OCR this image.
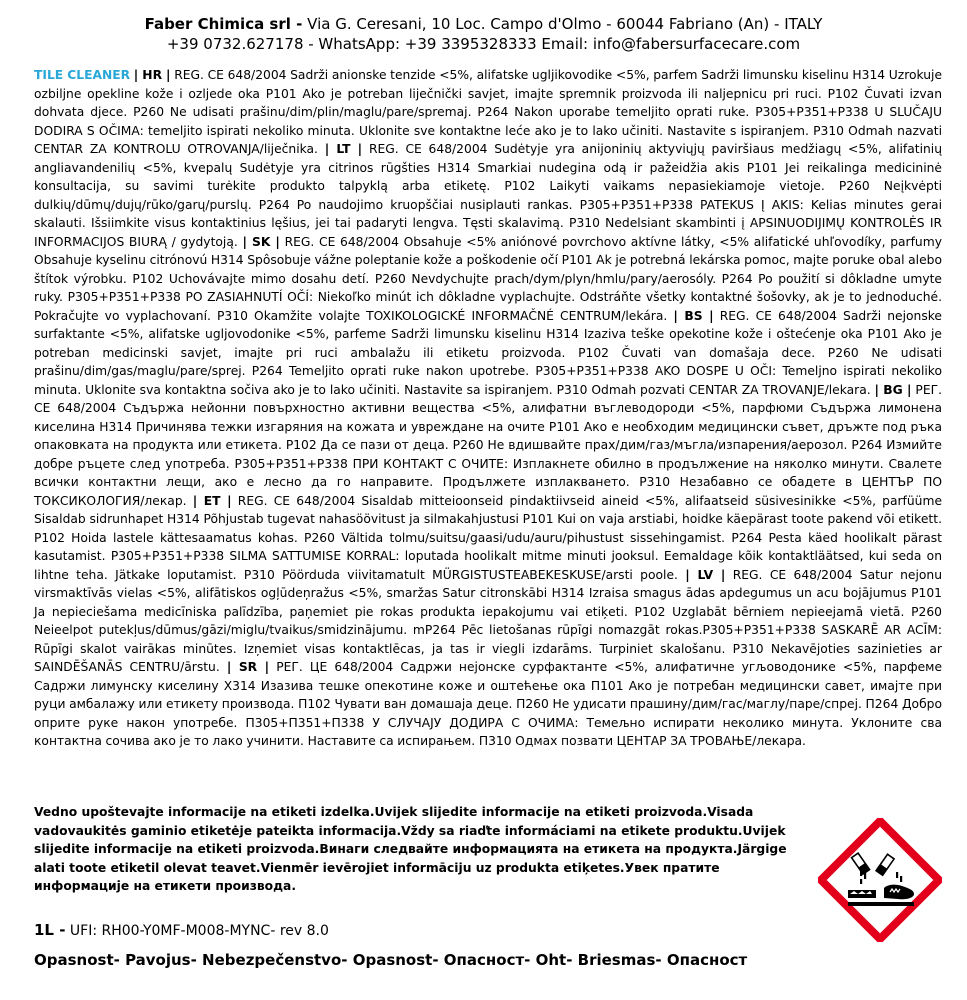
Faber Chimica srl - Via G. Ceresani, 10 Loc. Campo d'Olmo - 60044 Fabriano (An) - ITALY
+39 0732.627178 - WhatsApp: +39 3395328333 Email: info@fabersurfacecare.com
TILE CLEANER | HR | REG. CE 648/2004 Sadrži anionske tenzide <5%, alifatske ugljikovodike <5%, parfem Sadrži limunsku kiselinu H314 Uzrokuje ozbiljne opekline kože i ozljede oka P101 Ako je potreban liječnički savjet, imajte spremnik proizvoda ili naljepnicu pri ruci. P102 Čuvati izvan dohvata djece. P260 Ne udisati prašinu/dim/plin/maglu/pare/spremaj. P264 Nakon uporabe temeljito oprati ruke. P305+P351+P338 U SLUČAJU DODIRA S OČIMA: temeljito ispirati nekoliko minuta. Uklonite sve kontaktne leće ako je to lako učiniti. Nastavite s ispiranjem. P310 Odmah nazvati CENTAR ZA KONTROLU OTROVANJA/liječnika. | LT | REG. CE 648/2004 Sudėtyje yra anijoninių aktyviųjų paviršiaus medžiagų <5%, alifatinių angliavandenilių <5%, kvepalų Sudėtyje yra citrinos rūgšties H314 Smarkiai nudegina odą ir pažeidžia akis P101 Jei reikalinga medicininė konsultacija, su savimi turėkite produkto talpyklą arba etiketę. P102 Laikyti vaikams nepasiekiamoje vietoje. P260 Neįkvėpti dulkių/dūmų/dujų/rūko/garų/purslų. P264 Po naudojimo kruopščiai nusiplauti rankas. P305+P351+P338 PATEKUS Į AKIS: Kelias minutes gerai skalauti. Išsiimkite visus kontaktinius lęšius, jei tai padaryti lengva. Tęsti skalavimą. P310 Nedelsiant skambinti į APSINUODIJIMŲ KONTROLĖS IR INFORMACIJOS BIURĄ / gydytoją. | SK | REG. CE 648/2004 Obsahuje <5% aniónové povrchovo aktívne látky, <5% alifatické uhľovodíky, parfumy Obsahuje kyselinu citrónovú H314 Spôsobuje vážne poleptanie kože a poškodenie očí P101 Ak je potrebná lekárska pomoc, majte poruke obal alebo štítok výrobku. P102 Uchovávajte mimo dosahu detí. P260 Nevdychujte prach/dym/plyn/hmlu/pary/aerosóly. P264 Po použití si dôkladne umyte ruky. P305+P351+P338 PO ZASIAHNUTÍ OČÍ: Niekoľko minút ich dôkladne vyplachujte. Odstráňte všetky kontaktné šošovky, ak je to jednoduché. Pokračujte vo vyplachovaní. P310 Okamžite volajte TOXIKOLOGICKÉ INFORMAČNÉ CENTRUM/lekára. | BS | REG. CE 648/2004 Sadrži nejonske surfaktante <5%, alifatske ugljovodonike <5%, parfeme Sadrži limunsku kiselinu H314 Izaziva teške opekotine kože i oštećenje oka P101 Ako je potreban medicinski savjet, imajte pri ruci ambalažu ili etiketu proizvoda. P102 Čuvati van domašaja dece. P260 Ne udisati prašinu/dim/gas/maglu/pare/sprej. P264 Temeljito oprati ruke nakon upotrebe. P305+P351+P338 AKO DOSPE U OČI: Temeljno ispirati nekoliko minuta. Uklonite sva kontaktna sočiva ako je to lako učiniti. Nastavite sa ispiranjem. P310 Odmah pozvati CENTAR ZA TROVANJE/lekara. | BG | РЕГ. CE 648/2004 Съдържа нейонни повърхностно активни вещества <5%, алифатни въглеводороди <5%, парфюми Съдържа лимонена киселина H314 Причинява тежки изгаряния на кожата и увреждане на очите P101 Ако е необходим медицински съвет, дръжте под ръка опаковката на продукта или етикета. P102 Да се пази от деца. P260 Не вдишвайте прах/дим/газ/мъгла/изпарения/аерозол. P264 Измийте добре ръцете след употреба. P305+P351+P338 ПРИ КОНТАКТ С ОЧИТЕ: Изплакнете обилно в продължение на няколко минути. Свалете всички контактни лещи, ако е лесно да го направите. Продължете изплакването. P310 Незабавно се обадете в ЦЕНТЪР ПО ТОКСИКОЛОГИЯ/лекар. | ET | REG. CE 648/2004 Sisaldab mitteioonseid pindaktiivseid aineid <5%, alifaatseid süsivesinikke <5%, parfüüme Sisaldab sidrunhapet H314 Põhjustab tugevat nahasöövitust ja silmakahjustusi P101 Kui on vaja arstiabi, hoidke käepärast toote pakend või etikett. P102 Hoida lastele kättesaamatus kohas. P260 Vältida tolmu/suitsu/gaasi/udu/auru/pihustust sissehingamist. P264 Pesta käed hoolikalt pärast kasutamist. P305+P351+P338 SILMA SATTUMISE KORRAL: loputada hoolikalt mitme minuti jooksul. Eemaldage kõik kontaktläätsed, kui seda on lihtne teha. Jätkake loputamist. P310 Pöörduda viivitamatult MÜRGISTUSTEABEKESKUSE/arsti poole. | LV | REG. CE 648/2004 Satur nejonu virsmaktīvās vielas <5%, alifātiskos ogļūdeņražus <5%, smaržas Satur citronskābi H314 Izraisa smagus ādas apdegumus un acu bojājumus P101 Ja nepieciešama medicīniska palīdzība, paņemiet pie rokas produkta iepakojumu vai etiķeti. P102 Uzglabāt bērniem nepieejamā vietā. P260 Neieelpot putekļus/dūmus/gāzi/miglu/tvaikus/smidzinājumu. mP264 Pēc lietošanas rūpīgi nomazgāt rokas.P305+P351+P338 SASKARĒ AR ACĪM: Rūpīgi skalot vairākas minūtes. Izņemiet visas kontaktlēcas, ja tas ir viegli izdarāms. Turpiniet skalošanu. P310 Nekavējoties sazinieties ar SAINDĒŠANĀS CENTRU/ārstu. | SR | РЕГ. ЦЕ 648/2004 Садржи нејонске сурфактанте <5%, алифатичне угљоводонике <5%, парфеме Садржи лимунску киселину Х314 Изазива тешке опекотине коже и оштећење ока П101 Ако је потребан медицински савет, имајте при руци амбалажу или етикету производа. П102 Чувати ван домашаја деце. П260 Не удисати прашину/дим/гас/маглу/паре/спреј. П264 Добро оприте руке након употребе. П305+П351+П338 У СЛУЧАЈУ ДОДИРА С ОЧИМА: Темељно испирати неколико минута. Уклоните сва контактна сочива ако је то лако учинити. Наставите са испирањем. П310 Одмах позвати ЦЕНТАР ЗА ТРОВАЊЕ/лекара.
Vedno upoštevajte informacije na etiketi izdelka.Uvijek slijedite informacije na etiketi proizvoda.Visada vadovaukitės gaminio etiketėje pateikta informacija.Vždy sa riaďte informáciami na etikete produktu.Uvijek slijedite informacije na etiketi proizvoda.Винаги следвайте информацията на етикета на продукта.Järgige alati toote etiketil olevat teavet.Vienmēr ievērojiet informāciju uz produkta etiķetes.Увек пратите информације на етикети производа.
1L - UFI: RH00-Y0MF-M008-MYNC- rev 8.0
Opasnost- Pavojus- Nebezpečenstvo- Opasnost- Опасност- Oht- Briesmas- Опасност
